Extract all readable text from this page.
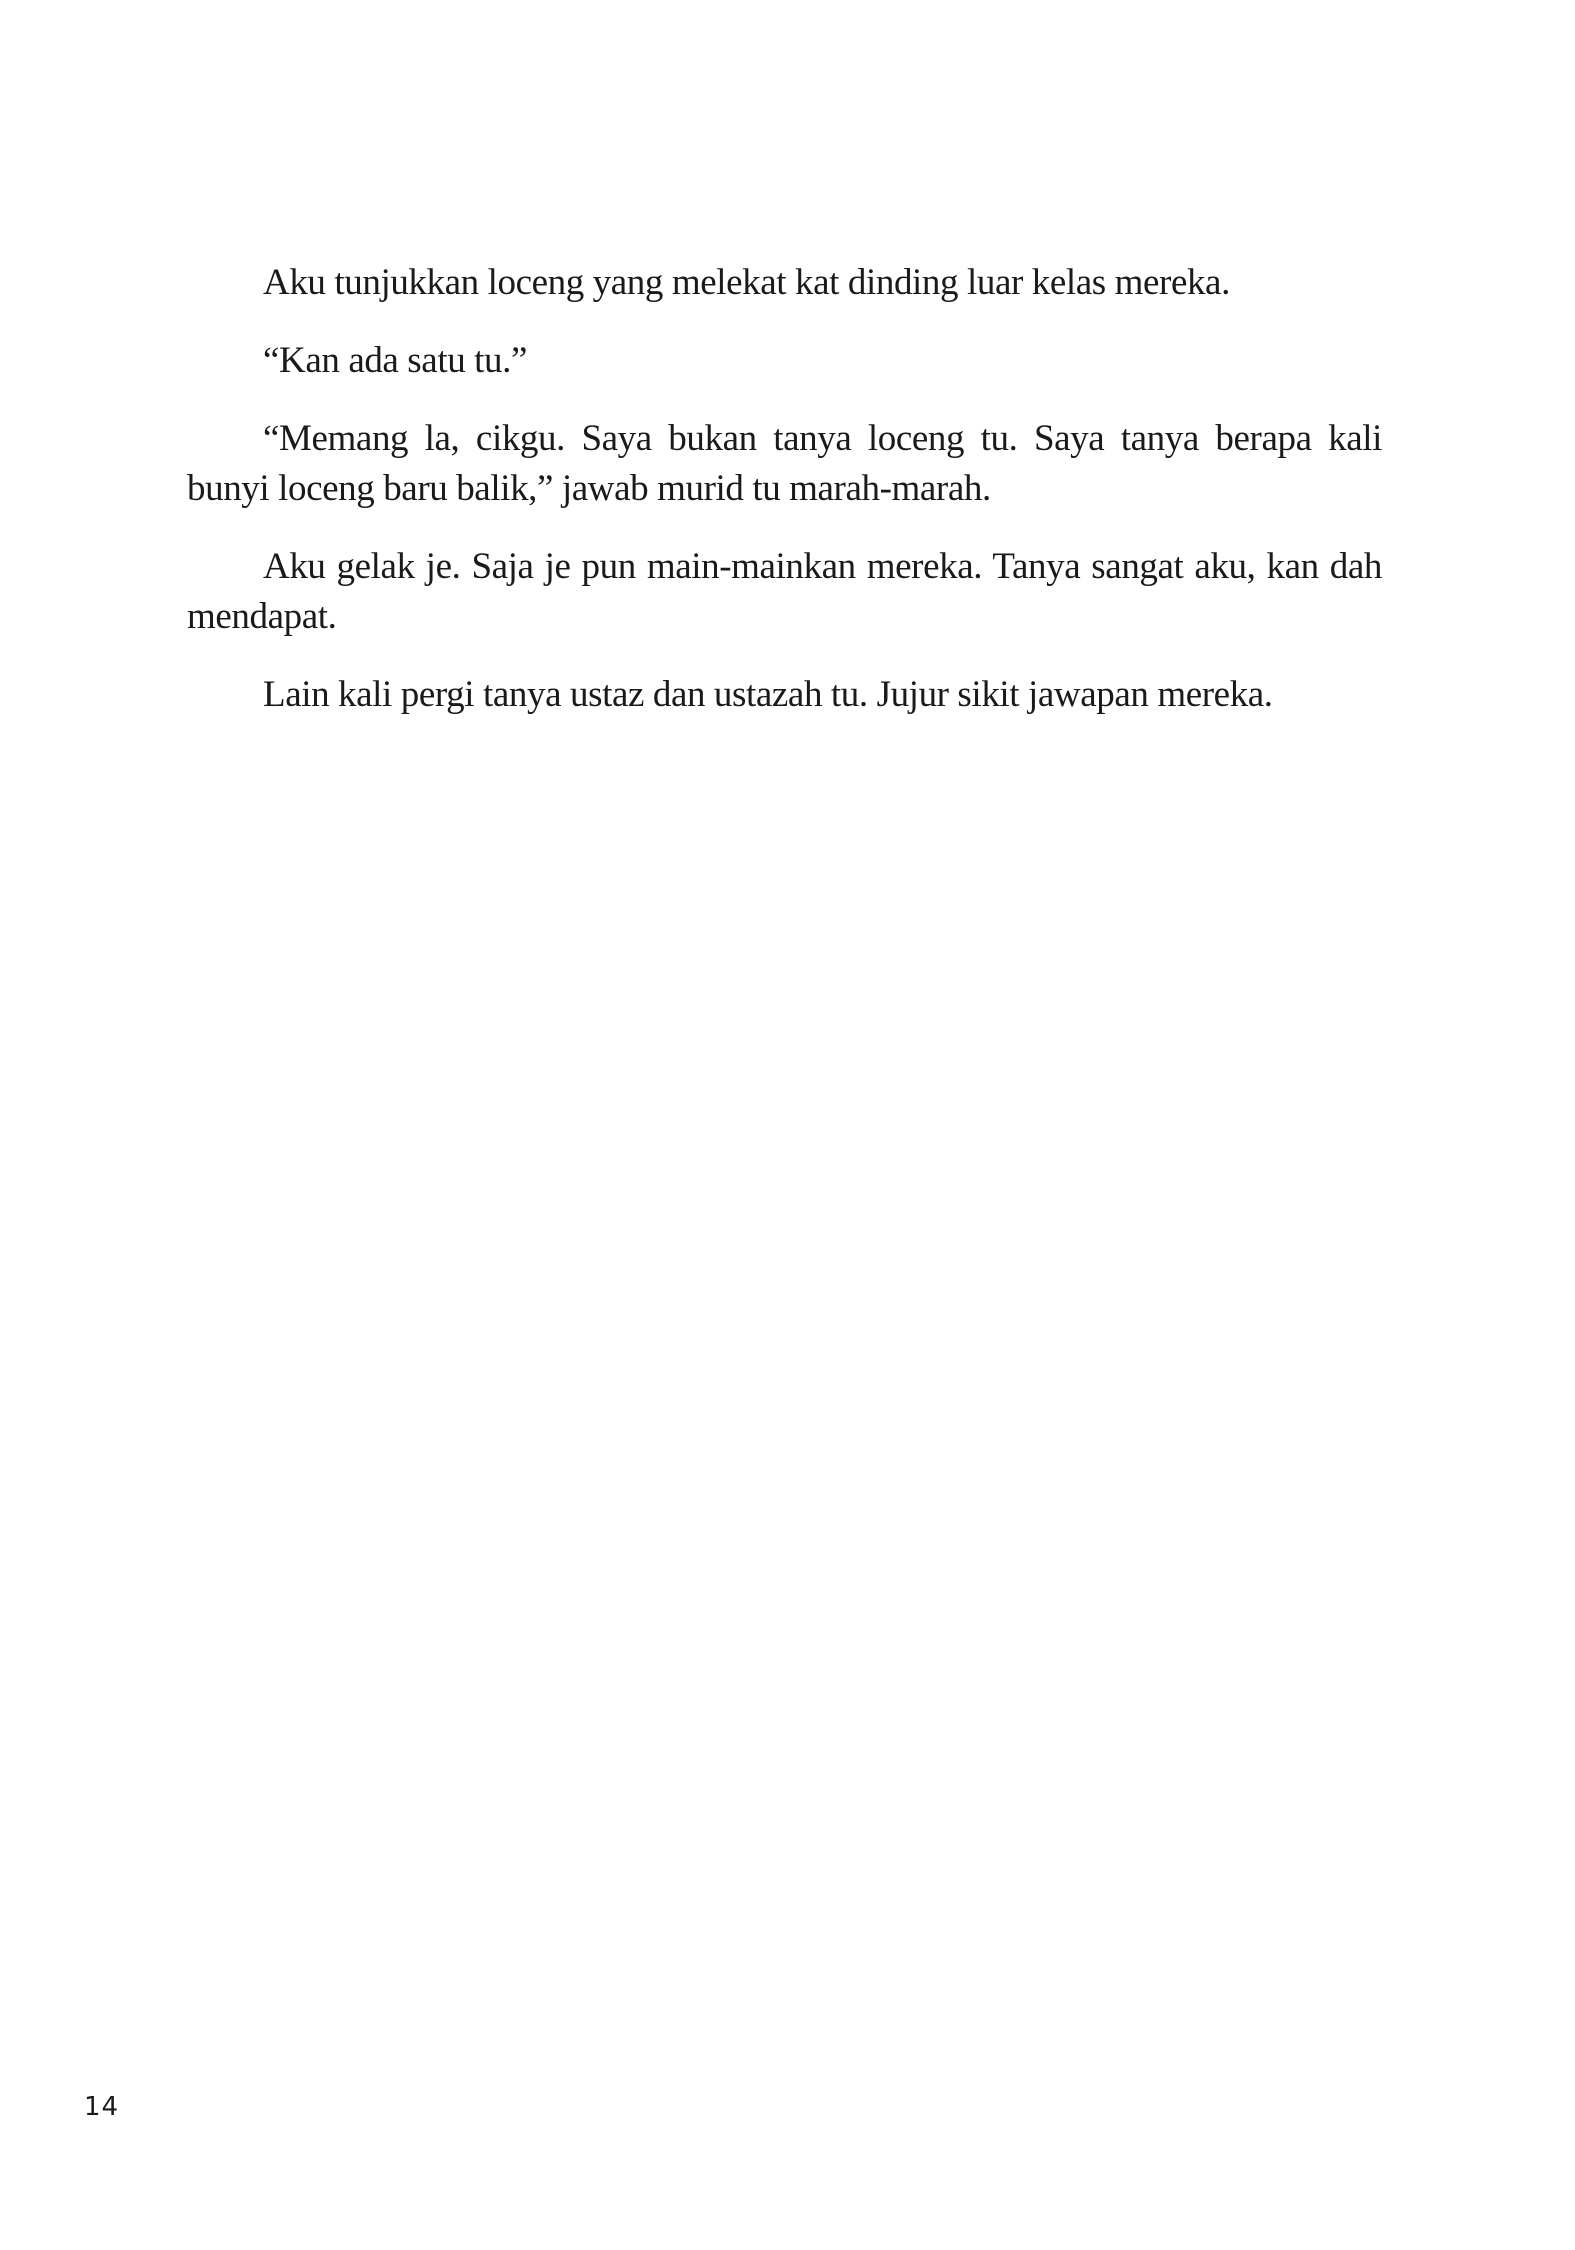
Aku tunjukkan loceng yang melekat kat dinding luar kelas mereka.

“Kan ada satu tu.”

“Memang la, cikgu. Saya bukan tanya loceng tu. Saya tanya berapa kali bunyi loceng baru balik,” jawab murid tu marah-marah.

Aku gelak je. Saja je pun main-mainkan mereka. Tanya sangat aku, kan dah mendapat.

Lain kali pergi tanya ustaz dan ustazah tu. Jujur sikit jawapan mereka.

14
